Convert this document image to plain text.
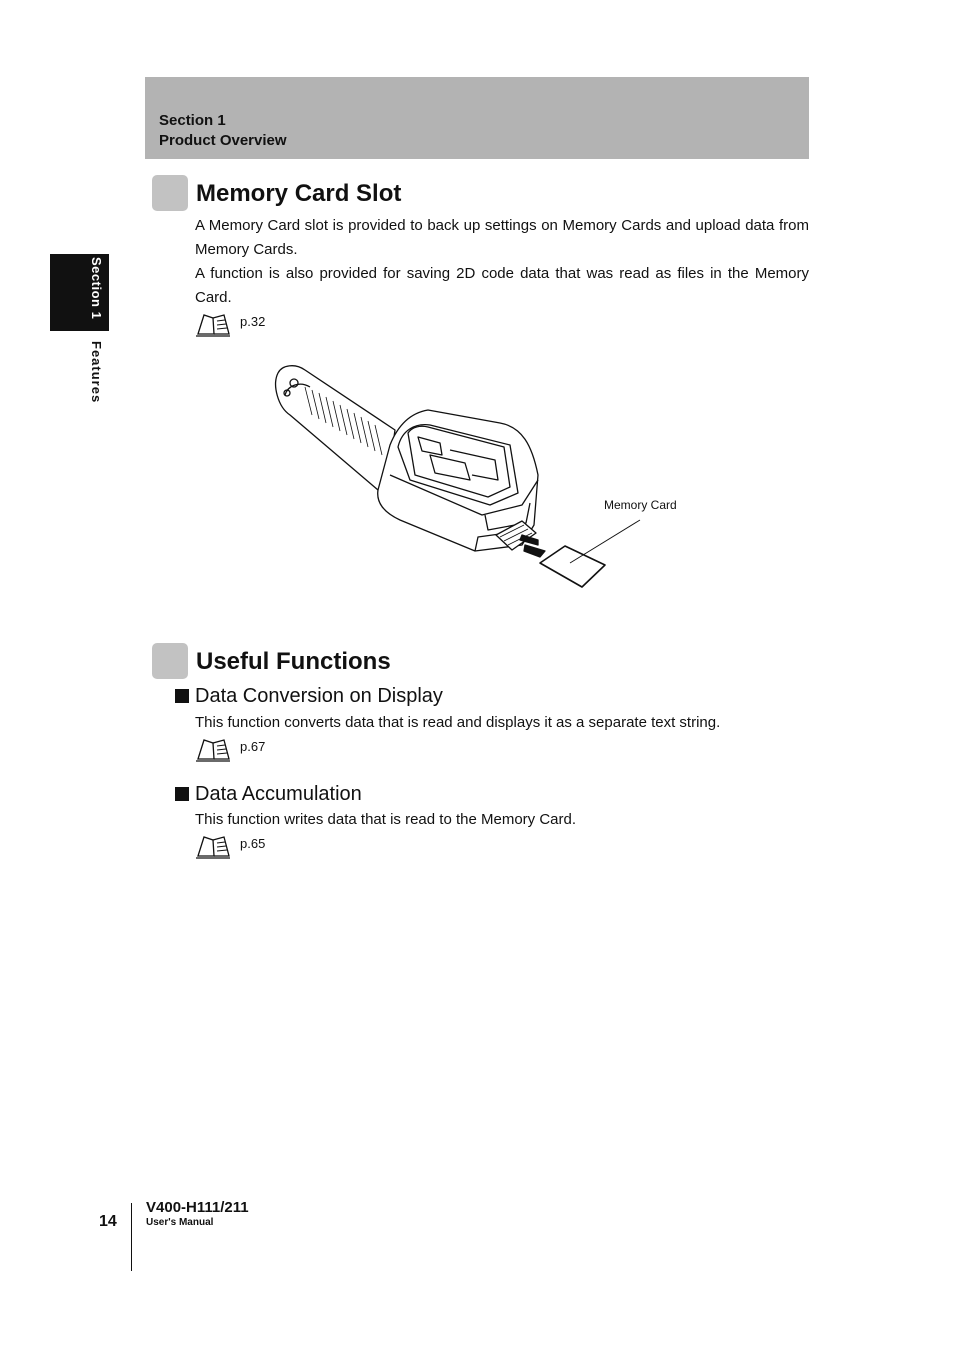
Section 1
Product Overview
Section 1
Features
Memory Card Slot
A Memory Card slot is provided to back up settings on Memory Cards and upload data from Memory Cards.
A function is also provided for saving 2D code data that was read as files in the Memory Card.
p.32
Memory Card
Useful Functions
Data Conversion on Display
This function converts data that is read and displays it as a separate text string.
p.67
Data Accumulation
This function writes data that is read to the Memory Card.
p.65
14
V400-H111/211
User's Manual
